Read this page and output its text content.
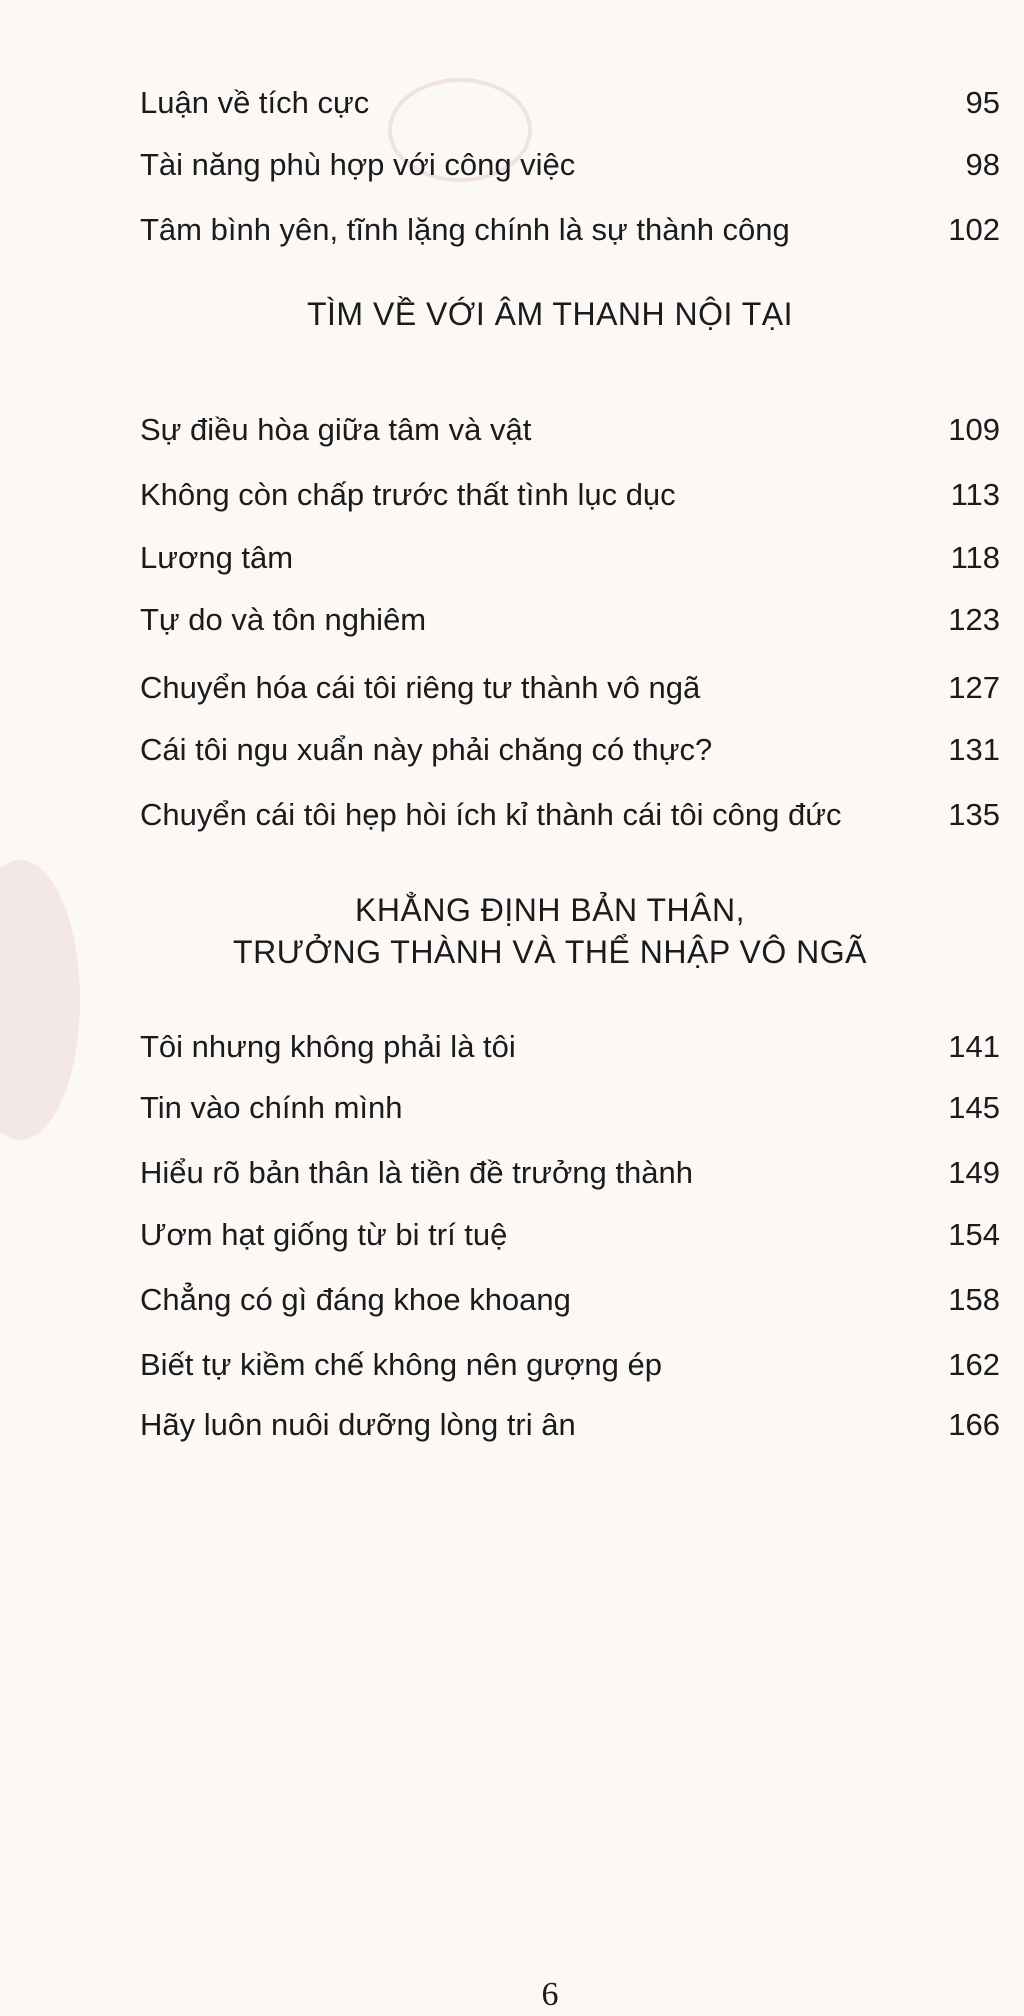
Luận về tích cực	95
Tài năng phù hợp với công việc	98
Tâm bình yên, tĩnh lặng chính là sự thành công	102
TÌM VỀ VỚI ÂM THANH NỘI TẠI
Sự điều hòa giữa tâm và vật	109
Không còn chấp trước thất tình lục dục	113
Lương tâm	118
Tự do và tôn nghiêm	123
Chuyển hóa cái tôi riêng tư thành vô ngã	127
Cái tôi ngu xuẩn này phải chăng có thực?	131
Chuyển cái tôi hẹp hòi ích kỉ thành cái tôi công đức	135
KHẲNG ĐỊNH BẢN THÂN,
TRƯỞNG THÀNH VÀ THỂ NHẬP VÔ NGÃ
Tôi nhưng không phải là tôi	141
Tin vào chính mình	145
Hiểu rõ bản thân là tiền đề trưởng thành	149
Ươm hạt giống từ bi trí tuệ	154
Chẳng có gì đáng khoe khoang	158
Biết tự kiềm chế không nên gượng ép	162
Hãy luôn nuôi dưỡng lòng tri ân	166
6
